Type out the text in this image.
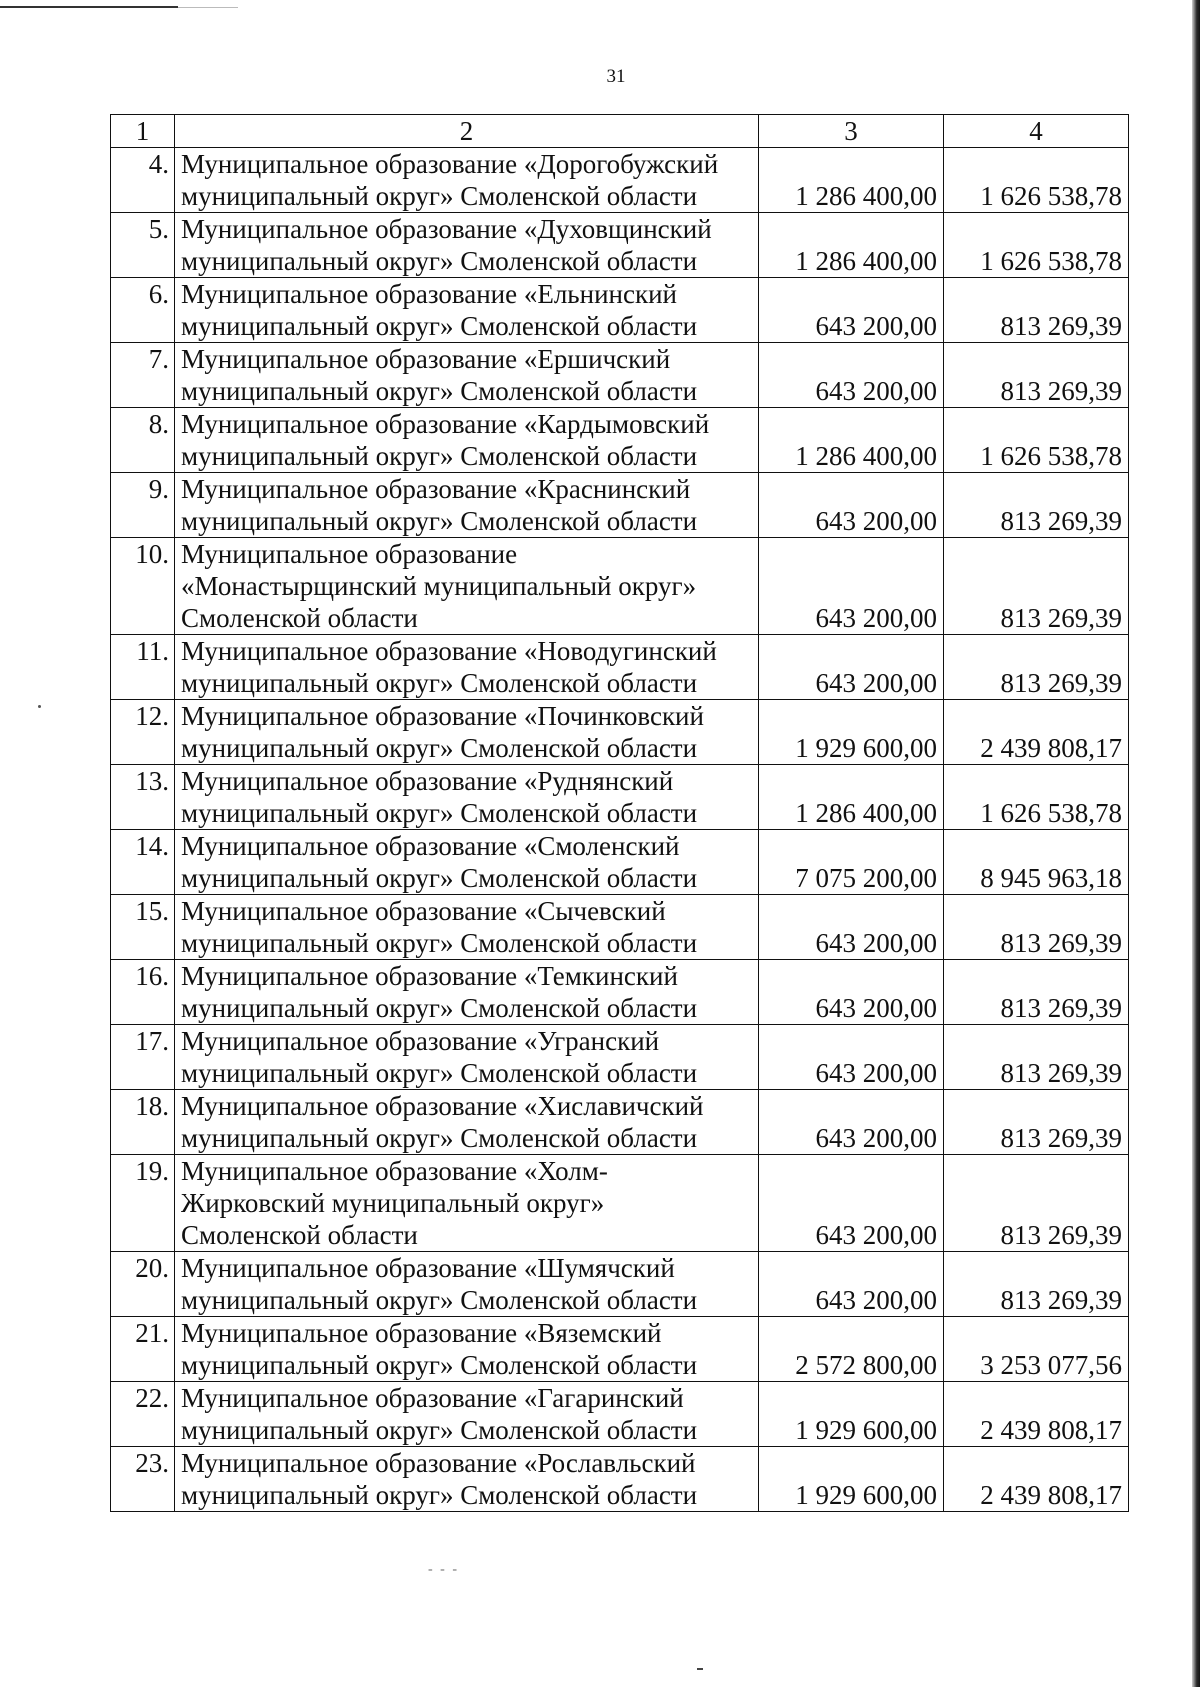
31
1	2	3	4
4.	Муниципальное образование «Дорогобужский
муниципальный округ» Смоленской области	1 286 400,00	1 626 538,78
5.	Муниципальное образование «Духовщинский
муниципальный округ» Смоленской области	1 286 400,00	1 626 538,78
6.	Муниципальное образование «Ельнинский
муниципальный округ» Смоленской области	643 200,00	813 269,39
7.	Муниципальное образование «Ершичский
муниципальный округ» Смоленской области	643 200,00	813 269,39
8.	Муниципальное образование «Кардымовский
муниципальный округ» Смоленской области	1 286 400,00	1 626 538,78
9.	Муниципальное образование «Краснинский
муниципальный округ» Смоленской области	643 200,00	813 269,39
10.	Муниципальное образование
«Монастырщинский муниципальный округ»
Смоленской области	643 200,00	813 269,39
11.	Муниципальное образование «Новодугинский
муниципальный округ» Смоленской области	643 200,00	813 269,39
12.	Муниципальное образование «Починковский
муниципальный округ» Смоленской области	1 929 600,00	2 439 808,17
13.	Муниципальное образование «Руднянский
муниципальный округ» Смоленской области	1 286 400,00	1 626 538,78
14.	Муниципальное образование «Смоленский
муниципальный округ» Смоленской области	7 075 200,00	8 945 963,18
15.	Муниципальное образование «Сычевский
муниципальный округ» Смоленской области	643 200,00	813 269,39
16.	Муниципальное образование «Темкинский
муниципальный округ» Смоленской области	643 200,00	813 269,39
17.	Муниципальное образование «Угранский
муниципальный округ» Смоленской области	643 200,00	813 269,39
18.	Муниципальное образование «Хиславичский
муниципальный округ» Смоленской области	643 200,00	813 269,39
19.	Муниципальное образование «Холм-
Жирковский муниципальный округ»
Смоленской области	643 200,00	813 269,39
20.	Муниципальное образование «Шумячский
муниципальный округ» Смоленской области	643 200,00	813 269,39
21.	Муниципальное образование «Вяземский
муниципальный округ» Смоленской области	2 572 800,00	3 253 077,56
22.	Муниципальное образование «Гагаринский
муниципальный округ» Смоленской области	1 929 600,00	2 439 808,17
23.	Муниципальное образование «Рославльский
муниципальный округ» Смоленской области	1 929 600,00	2 439 808,17
- - -
